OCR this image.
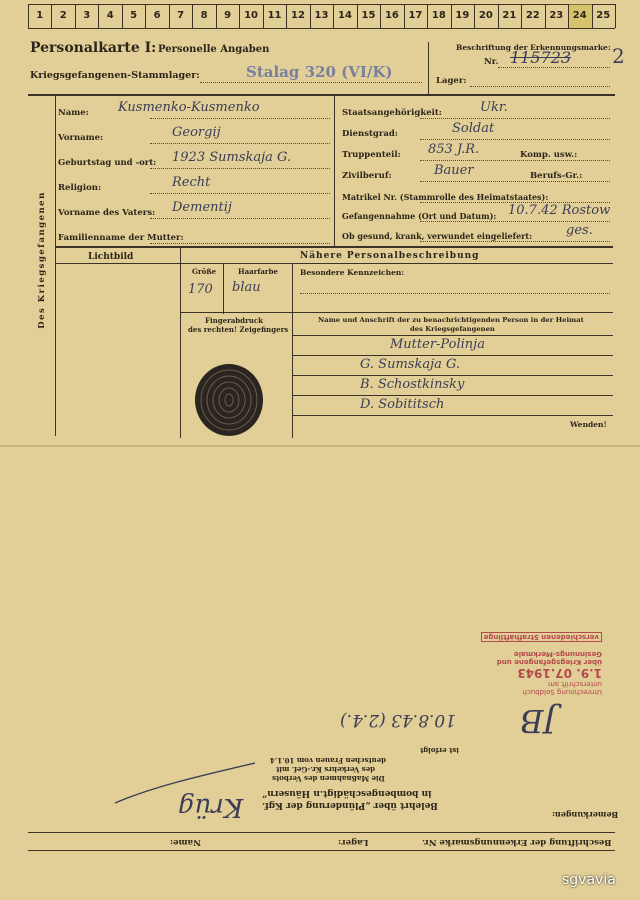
1	2	3	4	5	6	7	8	9	10 11 12 13 14 15 16 17 18 19 20 21 22 23 24 25
Personalkarte I: Personelle Angaben
Kriegsgefangenen-Stammlager:	Stalag 320 (VI/K)
Beschriftung der Erkennungsmarke:
Nr. 115723 2
Lager:
Des Kriegsgefangenen
Name: Kusmenko-Kusmenko
Vorname:	Georgij
Geburtstag und -ort: 1923 Sumskaja G.
Religion:	Recht
Vorname des Vaters: Dementij
Familienname der Mutter:
Staatsangehörigkeit:	Ukr.
Dienstgrad:	Soldat
Truppenteil: 853 J.R.	Komp. usw.:
Zivilberuf:	Bauer	Berufs-Gr.:
Matrikel Nr. (Stammrolle des Heimatstaates):
Gefangennahme (Ort und Datum): 10.7.42 Rostow
Ob gesund, krank, verwundet eingeliefert:	ges.
Lichtbild	Nähere Personalbeschreibung
Größe	Haarfarbe
170 blau
Besondere Kennzeichen:
Fingerabdruck
des rechten! Zeigefingers
Name und Anschrift der zu benachrichtigenden Person in der Heimat
des Kriegsgefangenen
Mutter-Polinja
G. Sumskaja G.
B. Schostkinsky
D. Sobititsch
Wenden!
Bemerkungen:
Belehrt über „Plünderung der Kgf.
in bombengeschädigt.n Häusern“
Die Maßnahmen des Verbots
des Verkehrs Kr.-Gef. mit
deutschen Frauen vom 10.1.4
ist erfolgt
10.8.43 (2.4.) JB
Umrechnung Soldbuch
unterschrift am
1.9. 07.1943
über Kriegsgefangene und
Gesinnungs-Merkmale
verschiedenen Strafhäftlinge
Krüg
Name:	Lager:	Beschriftung der Erkennungsmarke Nr.
sgvavia
